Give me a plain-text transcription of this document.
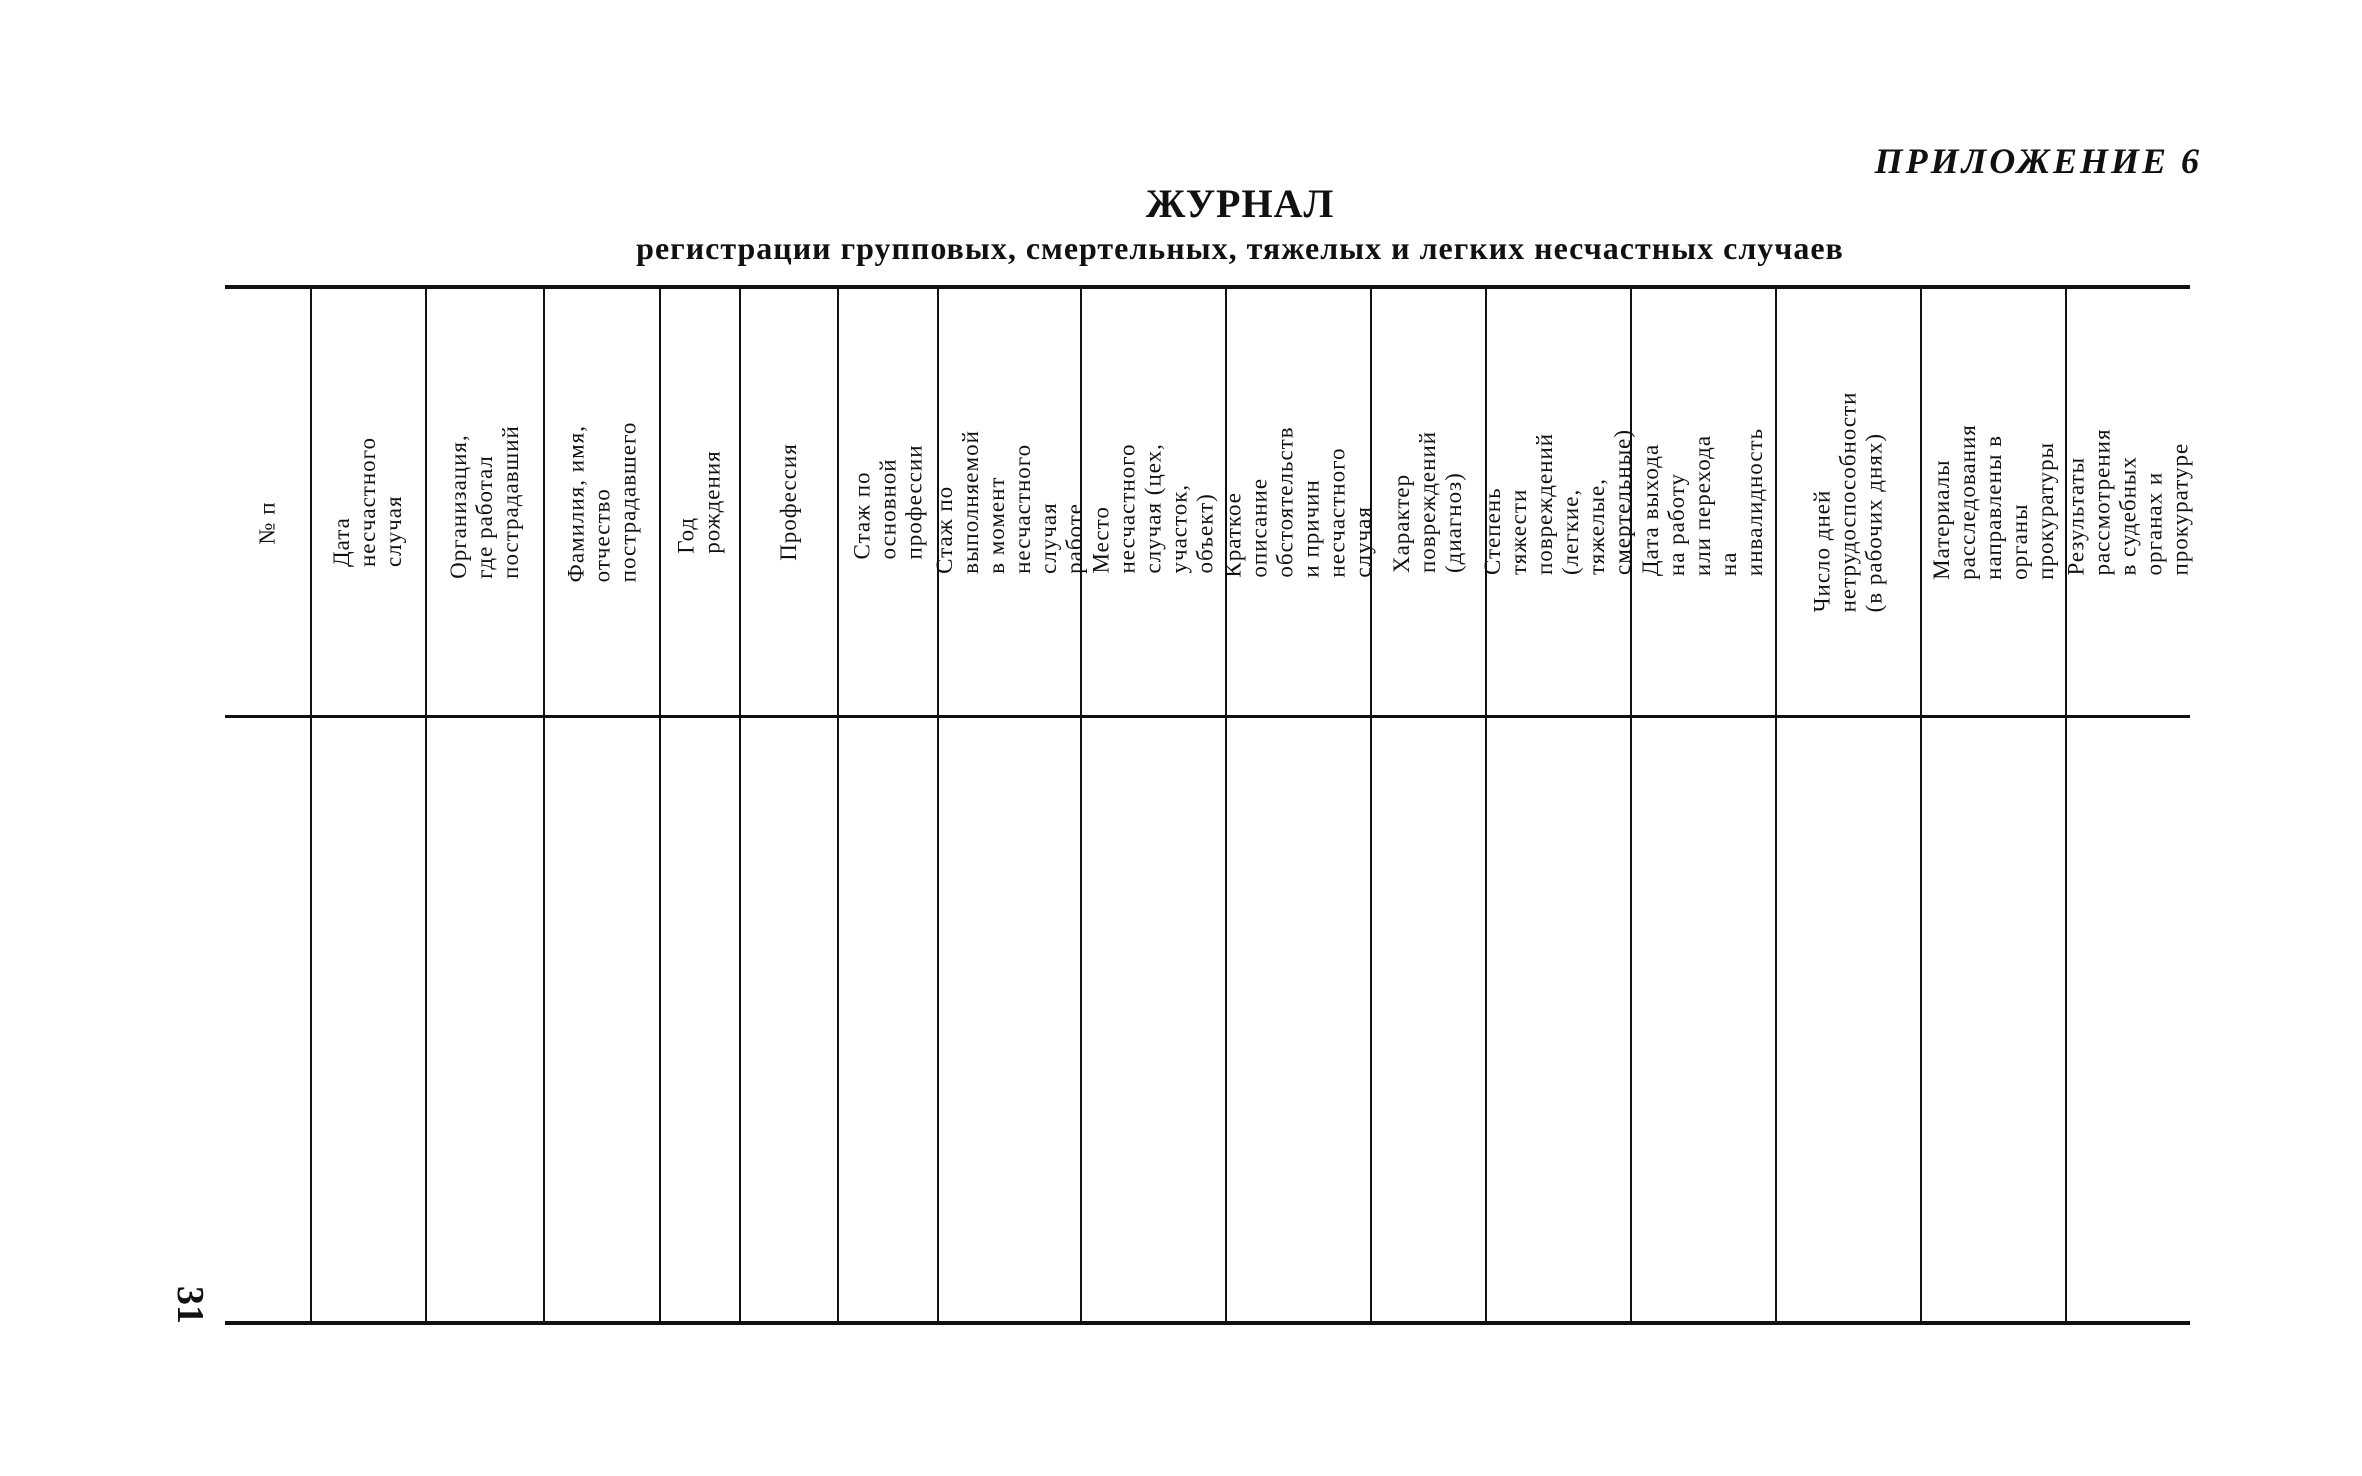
ПРИЛОЖЕНИЕ 6
ЖУРНАЛ
регистрации групповых, смертельных, тяжелых и легких несчастных случаев
№ п Дата несчастного случая Организация, где работал пострадавший Фамилия, имя, отчество пострадавшего Год рождения Профессия Стаж по основной профессии Стаж по выполняемой в момент несчастного случая работе Место несчастного случая (цех, участок, объект) Краткое описание обстоятельств и причин несчастного случая Характер повреждений (диагноз) Степень тяжести повреждений (легкие, тяжелые, смертельные) Дата выхода на работу или перехода на инвалидность Число дней нетрудоспособности (в рабочих днях) Материалы расследования направлены в органы прокуратуры Результаты рассмотрения в судебных органах и прокуратуре
31
